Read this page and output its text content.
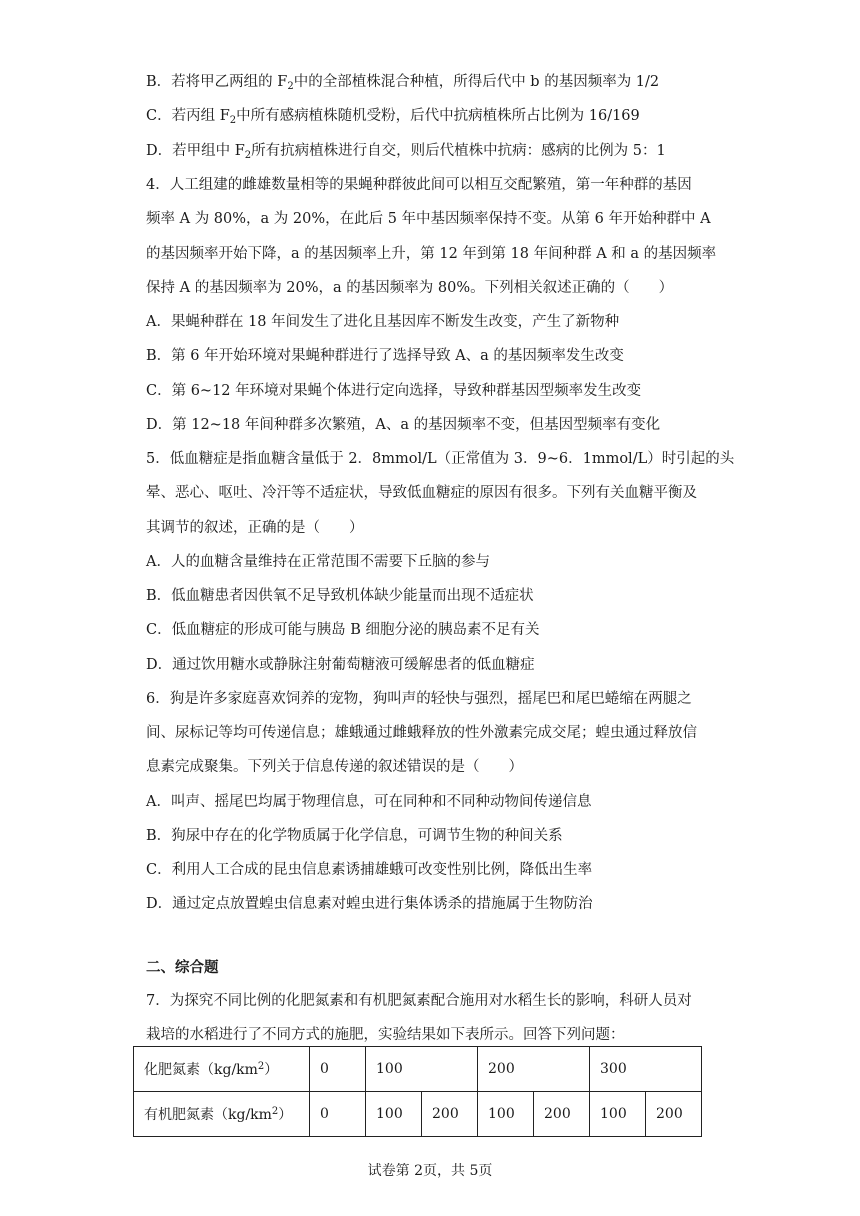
B．若将甲乙两组的 $F_2$中的全部植株混合种植，所得后代中 b 的基因频率为 1/2
C．若丙组 $F_2$中所有感病植株随机受粉，后代中抗病植株所占比例为 16/169
D．若甲组中 $F_2$所有抗病植株进行自交，则后代植株中抗病：感病的比例为 5：1
4．人工组建的雌雄数量相等的果蝇种群彼此间可以相互交配繁殖，第一年种群的基因
频率 A 为 80%，a 为 20%，在此后 5 年中基因频率保持不变。从第 6 年开始种群中 A
的基因频率开始下降，a 的基因频率上升，第 12 年到第 18 年间种群 A 和 a 的基因频率
保持 A 的基因频率为 20%，a 的基因频率为 80%。下列相关叙述正确的（　　）
A．果蝇种群在 18 年间发生了进化且基因库不断发生改变，产生了新物种
B．第 6 年开始环境对果蝇种群进行了选择导致 A、a 的基因频率发生改变
C．第 6~12 年环境对果蝇个体进行定向选择，导致种群基因型频率发生改变
D．第 12~18 年间种群多次繁殖，A、a 的基因频率不变，但基因型频率有变化
5．低血糖症是指血糖含量低于 2．8mmol/L（正常值为 3．9~6．1mmol/L）时引起的头
晕、恶心、呕吐、冷汗等不适症状，导致低血糖症的原因有很多。下列有关血糖平衡及
其调节的叙述，正确的是（　　）
A．人的血糖含量维持在正常范围不需要下丘脑的参与
B．低血糖患者因供氧不足导致机体缺少能量而出现不适症状
C．低血糖症的形成可能与胰岛 B 细胞分泌的胰岛素不足有关
D．通过饮用糖水或静脉注射葡萄糖液可缓解患者的低血糖症
6．狗是许多家庭喜欢饲养的宠物，狗叫声的轻快与强烈，摇尾巴和尾巴蜷缩在两腿之
间、尿标记等均可传递信息；雄蛾通过雌蛾释放的性外激素完成交尾；蝗虫通过释放信
息素完成聚集。下列关于信息传递的叙述错误的是（　　）
A．叫声、摇尾巴均属于物理信息，可在同种和不同种动物间传递信息
B．狗尿中存在的化学物质属于化学信息，可调节生物的种间关系
C．利用人工合成的昆虫信息素诱捕雄蛾可改变性别比例，降低出生率
D．通过定点放置蝗虫信息素对蝗虫进行集体诱杀的措施属于生物防治
二、综合题
7．为探究不同比例的化肥氮素和有机肥氮素配合施用对水稻生长的影响，科研人员对
栽培的水稻进行了不同方式的施肥，实验结果如下表所示。回答下列问题：
化肥氮素$(kg/km^2)$	0	100		200		300	
有机肥氮素$(kg/km^2)$	0	100	200	100	200	100	200
试卷第 2页，共 5页
